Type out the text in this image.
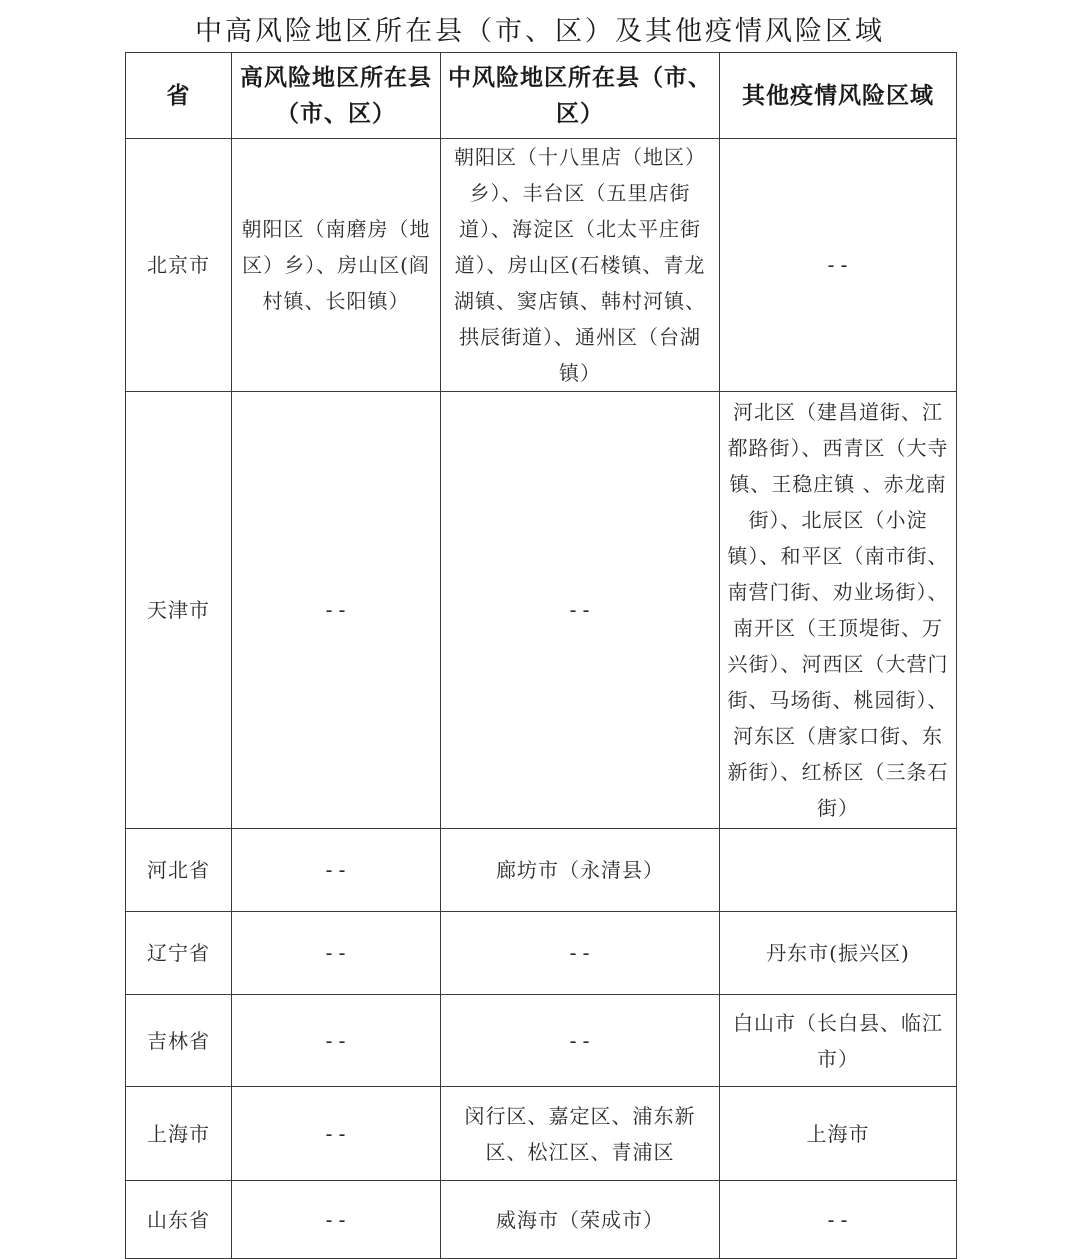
中高风险地区所在县（市、区）及其他疫情风险区域
省	高风险地区所在县（市、区）	中风险地区所在县（市、区）	其他疫情风险区域
北京市	朝阳区（南磨房（地区）乡）、房山区(阎村镇、长阳镇）	朝阳区（十八里店（地区）乡）、丰台区（五里店街道）、海淀区（北太平庄街道）、房山区(石楼镇、青龙湖镇、窦店镇、韩村河镇、拱辰街道）、通州区（台湖镇）	--
天津市	--	--	河北区（建昌道街、江都路街）、西青区（大寺镇、王稳庄镇 、赤龙南街）、北辰区（小淀镇）、和平区（南市街、南营门街、劝业场街）、南开区（王顶堤街、万兴街）、河西区（大营门街、马场街、桃园街）、河东区（唐家口街、东新街）、红桥区（三条石街）
河北省	--	廊坊市（永清县）	
辽宁省	--	--	丹东市(振兴区)
吉林省	--	--	白山市（长白县、临江市）
上海市	--	闵行区、嘉定区、浦东新区、松江区、青浦区	上海市
山东省	--	威海市（荣成市）	--
